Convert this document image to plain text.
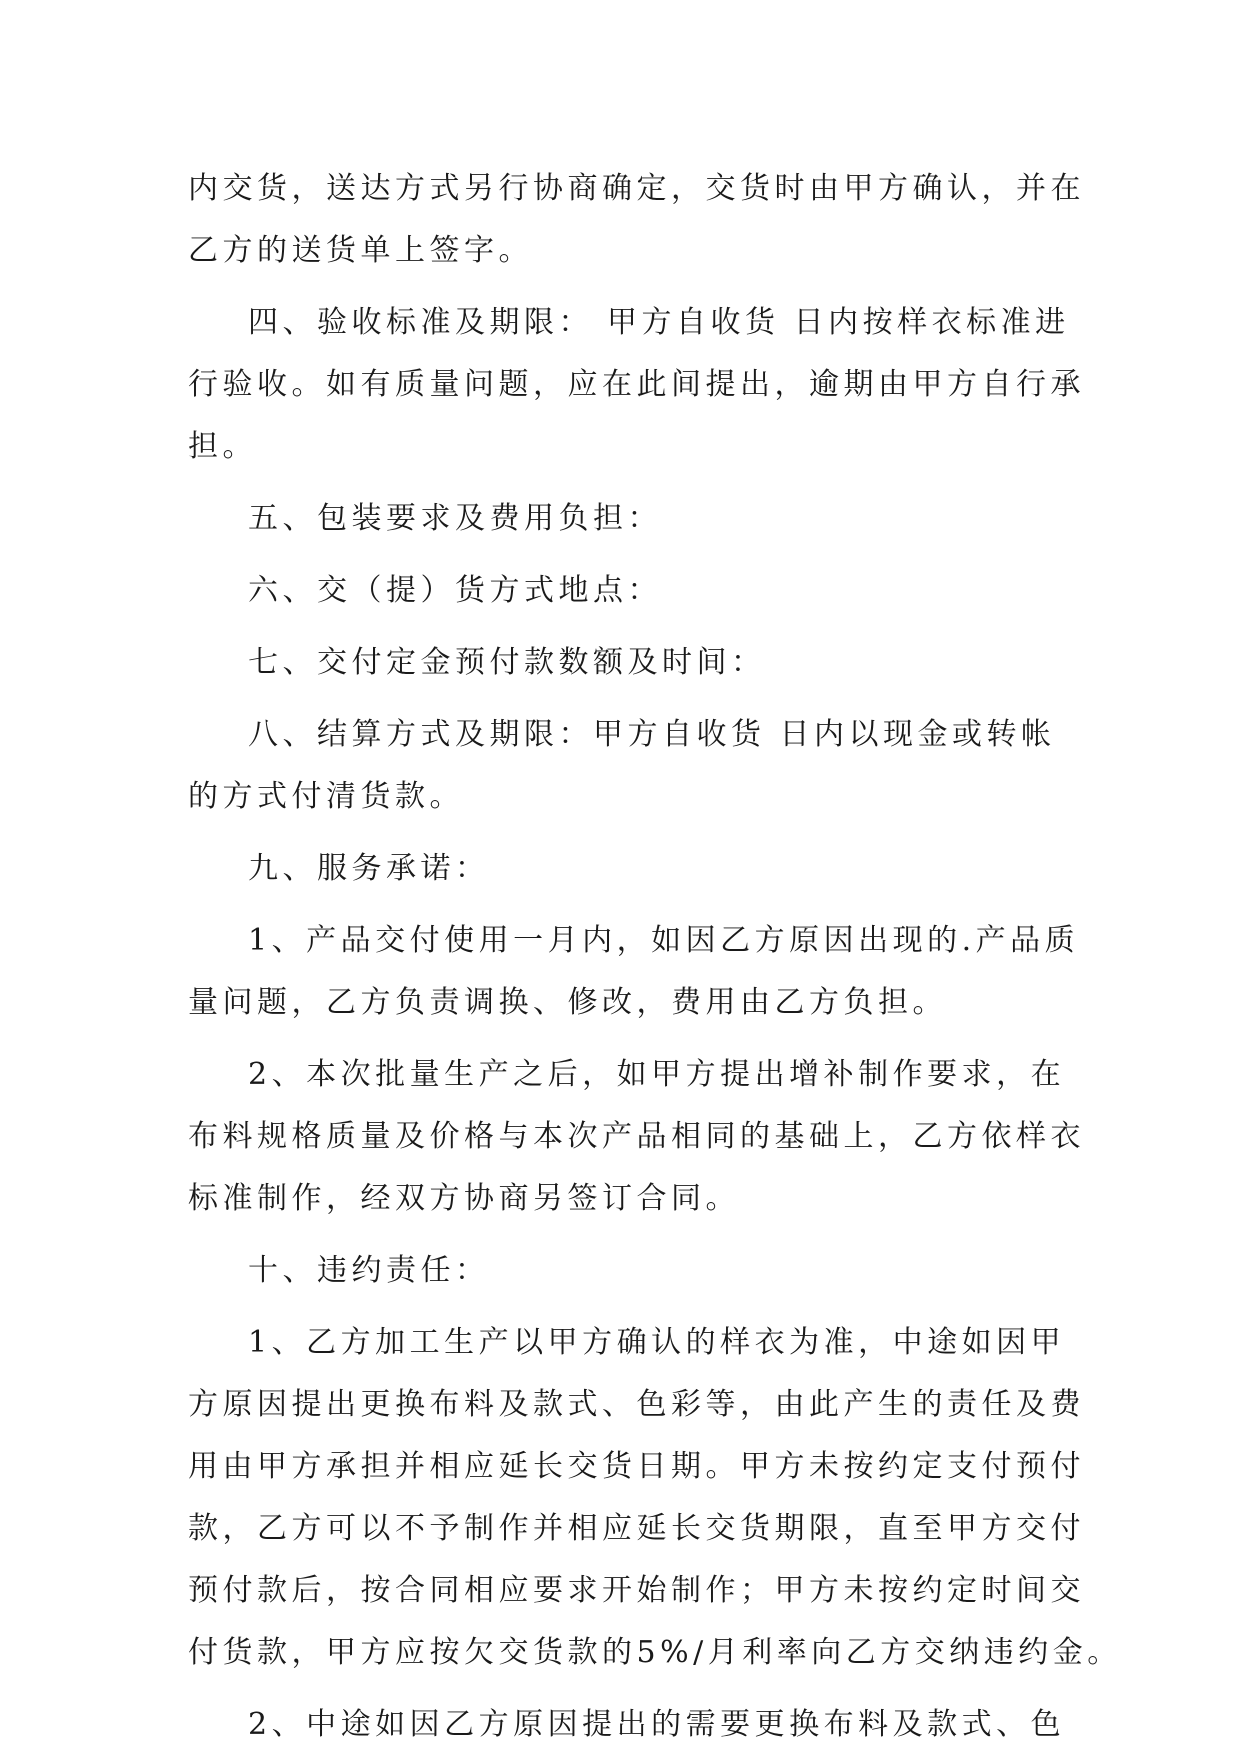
内交货，送达方式另行协商确定，交货时由甲方确认，并在
乙方的送货单上签字。
四、验收标准及期限： 甲方自收货 日内按样衣标准进
行验收。如有质量问题，应在此间提出，逾期由甲方自行承
担。
五、包装要求及费用负担：
六、交（提）货方式地点：
七、交付定金预付款数额及时间：
八、结算方式及期限：甲方自收货 日内以现金或转帐
的方式付清货款。
九、服务承诺：
1、产品交付使用一月内，如因乙方原因出现的.产品质
量问题，乙方负责调换、修改，费用由乙方负担。
2、本次批量生产之后，如甲方提出增补制作要求，在
布料规格质量及价格与本次产品相同的基础上，乙方依样衣
标准制作，经双方协商另签订合同。
十、违约责任：
1、乙方加工生产以甲方确认的样衣为准，中途如因甲
方原因提出更换布料及款式、色彩等，由此产生的责任及费
用由甲方承担并相应延长交货日期。甲方未按约定支付预付
款，乙方可以不予制作并相应延长交货期限，直至甲方交付
预付款后，按合同相应要求开始制作；甲方未按约定时间交
付货款，甲方应按欠交货款的5%/月利率向乙方交纳违约金。
2、中途如因乙方原因提出的需要更换布料及款式、色
